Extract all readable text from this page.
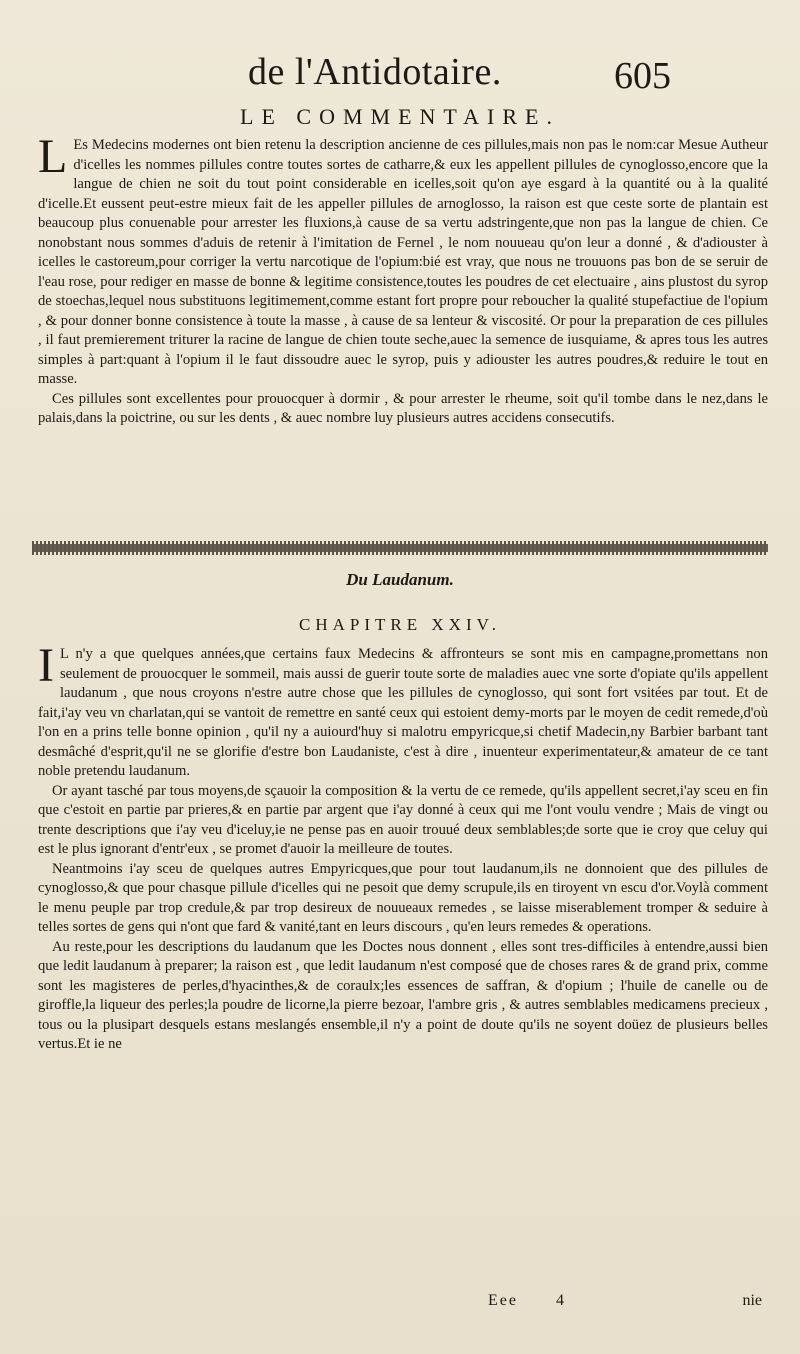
de l'Antidotaire.	605
LE COMMENTAIRE.

L Es Medecins modernes ont bien retenu la description ancienne de ces pillules,mais non pas le nom:car Mesue Autheur d'icelles les nommes pillules contre toutes sortes de catharre,& eux les appellent pillules de cynoglosso,encore que la langue de chien ne soit du tout point considerable en icelles,soit qu'on aye esgard à la quantité ou à la qualité d'icelle.Et eussent peut-estre mieux fait de les appeller pillules de arnoglosso, la raison est que ceste sorte de plantain est beaucoup plus conuenable pour arrester les fluxions,à cause de sa vertu adstringente,que non pas la langue de chien. Ce nonobstant nous sommes d'aduis de retenir à l'imitation de Fernel , le nom nouueau qu'on leur a donné , & d'adiouster à icelles le castoreum,pour corriger la vertu narcotique de l'opium:bié est vray, que nous ne trouuons pas bon de se seruir de l'eau rose, pour rediger en masse de bonne & legitime consistence,toutes les poudres de cet electuaire , ains plustost du syrop de stoechas,lequel nous substituons legitimement,comme estant fort propre pour reboucher la qualité stupefactiue de l'opium , & pour donner bonne consistence à toute la masse , à cause de sa lenteur & viscosité. Or pour la preparation de ces pillules , il faut premierement triturer la racine de langue de chien toute seche,auec la semence de iusquiame, & apres tous les autres simples à part:quant à l'opium il le faut dissoudre auec le syrop, puis y adiouster les autres poudres,& reduire le tout en masse.

Ces pillules sont excellentes pour prouocquer à dormir , & pour arrester le rheume, soit qu'il tombe dans le nez,dans le palais,dans la poictrine, ou sur les dents , & auec nombre luy plusieurs autres accidens consecutifs.

Du Laudanum.
CHAPITRE XXIV.

I L n'y a que quelques années,que certains faux Medecins & affronteurs se sont mis en campagne,promettans non seulement de prouocquer le sommeil, mais aussi de guerir toute sorte de maladies auec vne sorte d'opiate qu'ils appellent laudanum , que nous croyons n'estre autre chose que les pillules de cynoglosso, qui sont fort vsitées par tout. Et de fait,i'ay veu vn charlatan,qui se vantoit de remettre en santé ceux qui estoient demy-morts par le moyen de cedit remede,d'où l'on en a prins telle bonne opinion , qu'il ny a auiourd'huy si malotru empyricque,si chetif Madecin,ny Barbier barbant tant desmâché d'esprit,qu'il ne se glorifie d'estre bon Laudaniste, c'est à dire , inuenteur experimentateur,& amateur de ce tant noble pretendu laudanum.

Or ayant tasché par tous moyens,de sçauoir la composition & la vertu de ce remede, qu'ils appellent secret,i'ay sceu en fin que c'estoit en partie par prieres,& en partie par argent que i'ay donné à ceux qui me l'ont voulu vendre ; Mais de vingt ou trente descriptions que i'ay veu d'iceluy,ie ne pense pas en auoir trouué deux semblables;de sorte que ie croy que celuy qui est le plus ignorant d'entr'eux , se promet d'auoir la meilleure de toutes.

Neantmoins i'ay sceu de quelques autres Empyricques,que pour tout laudanum,ils ne donnoient que des pillules de cynoglosso,& que pour chasque pillule d'icelles qui ne pesoit que demy scrupule,ils en tiroyent vn escu d'or.Voylà comment le menu peuple par trop credule,& par trop desireux de nouueaux remedes , se laisse miserablement tromper & seduire à telles sortes de gens qui n'ont que fard & vanité,tant en leurs discours , qu'en leurs remedes & operations.

Au reste,pour les descriptions du laudanum que les Doctes nous donnent , elles sont tres-difficiles à entendre,aussi bien que ledit laudanum à preparer; la raison est , que ledit laudanum n'est composé que de choses rares & de grand prix, comme sont les magisteres de perles,d'hyacinthes,& de coraulx;les essences de saffran, & d'opium ; l'huile de canelle ou de giroffle,la liqueur des perles;la poudre de licorne,la pierre bezoar, l'ambre gris , & autres semblables medicamens precieux , tous ou la plusipart desquels estans meslangés ensemble,il n'y a point de doute qu'ils ne soyent doüez de plusieurs belles vertus.Et ie ne

Eee 4	nie
